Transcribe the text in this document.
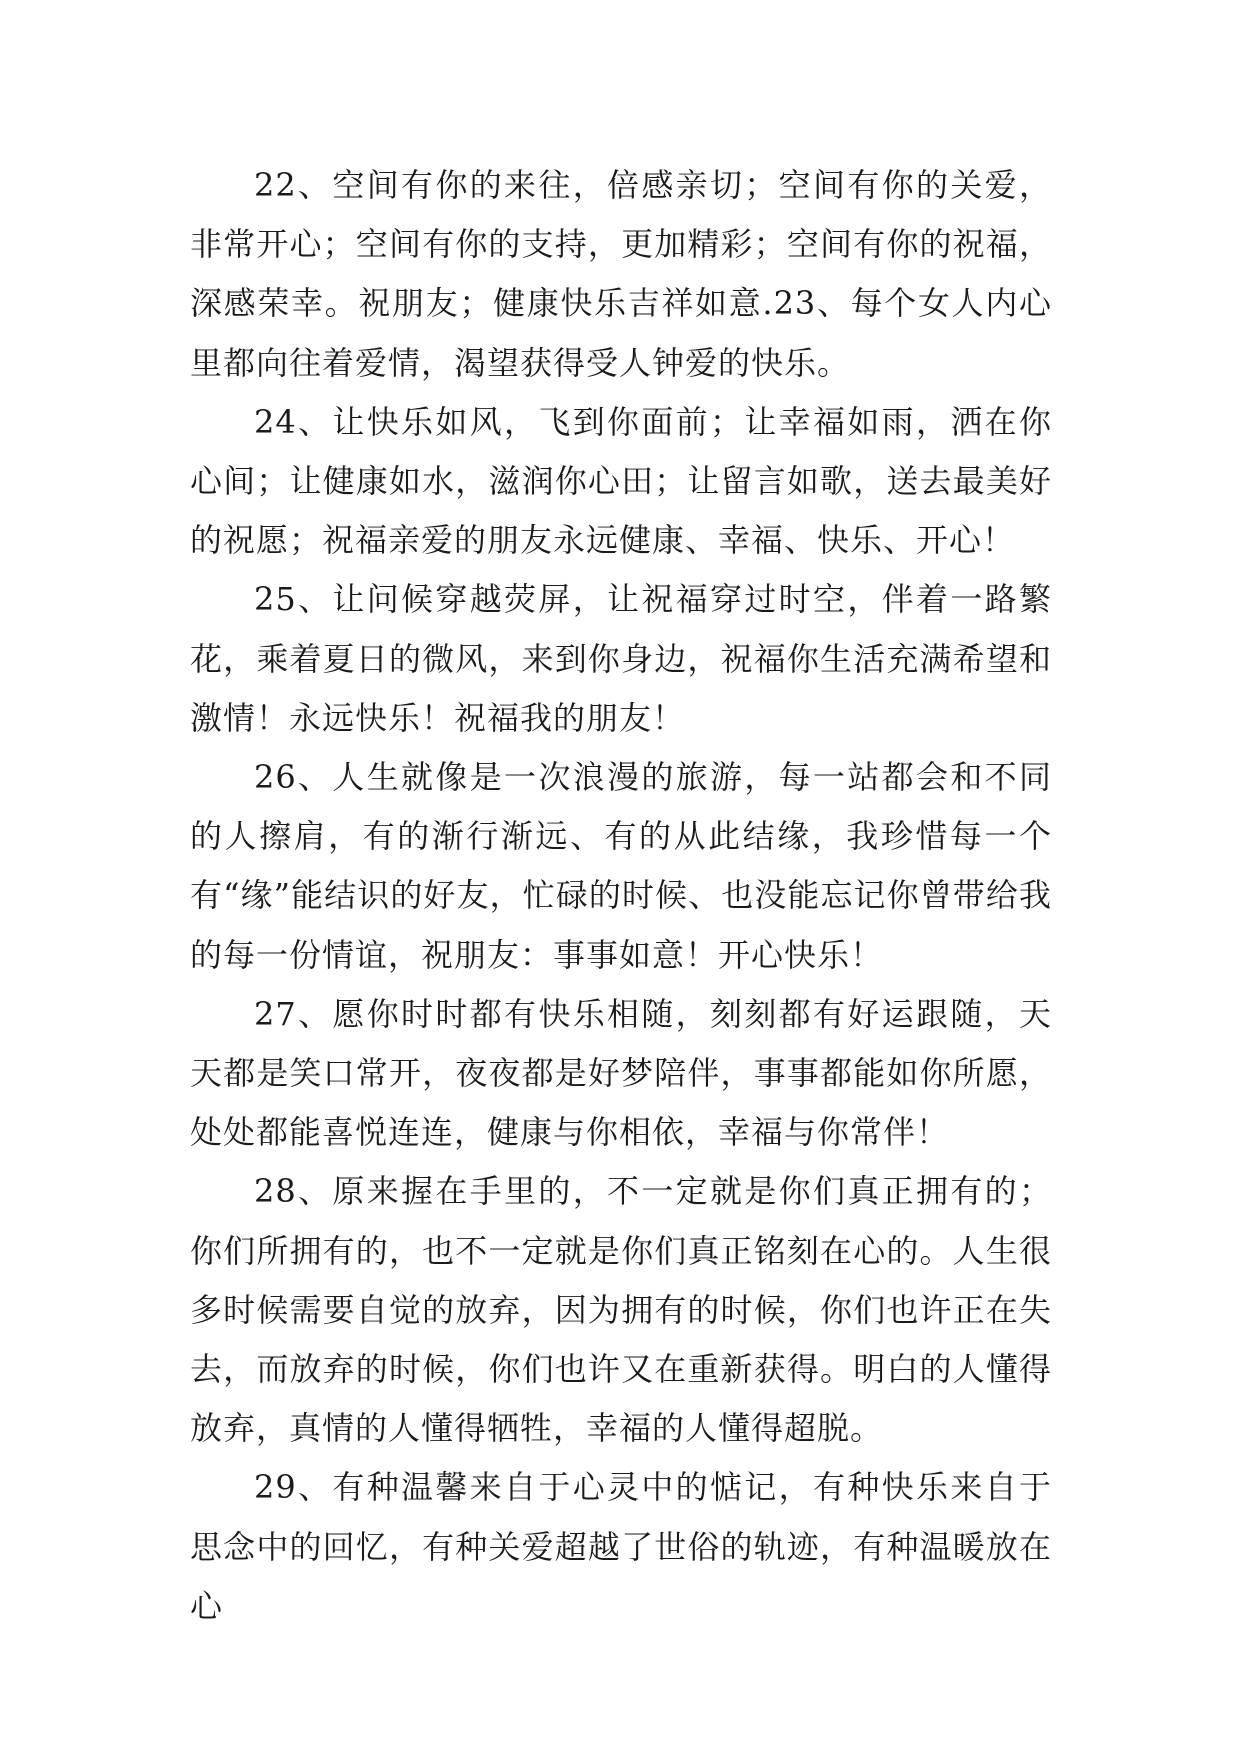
22、空间有你的来往，倍感亲切；空间有你的关爱，非常开心；空间有你的支持，更加精彩；空间有你的祝福，深感荣幸。祝朋友；健康快乐吉祥如意.23、每个女人内心里都向往着爱情，渴望获得受人钟爱的快乐。

24、让快乐如风，飞到你面前；让幸福如雨，洒在你心间；让健康如水，滋润你心田；让留言如歌，送去最美好的祝愿；祝福亲爱的朋友永远健康、幸福、快乐、开心！

25、让问候穿越荧屏，让祝福穿过时空，伴着一路繁花，乘着夏日的微风，来到你身边，祝福你生活充满希望和激情！永远快乐！祝福我的朋友！

26、人生就像是一次浪漫的旅游，每一站都会和不同的人擦肩，有的渐行渐远、有的从此结缘，我珍惜每一个有“缘”能结识的好友，忙碌的时候、也没能忘记你曾带给我的每一份情谊，祝朋友：事事如意！开心快乐！

27、愿你时时都有快乐相随，刻刻都有好运跟随，天天都是笑口常开，夜夜都是好梦陪伴，事事都能如你所愿，处处都能喜悦连连，健康与你相依，幸福与你常伴！

28、原来握在手里的，不一定就是你们真正拥有的；你们所拥有的，也不一定就是你们真正铭刻在心的。人生很多时候需要自觉的放弃，因为拥有的时候，你们也许正在失去，而放弃的时候，你们也许又在重新获得。明白的人懂得放弃，真情的人懂得牺牲，幸福的人懂得超脱。

29、有种温馨来自于心灵中的惦记，有种快乐来自于思念中的回忆，有种关爱超越了世俗的轨迹，有种温暖放在心
